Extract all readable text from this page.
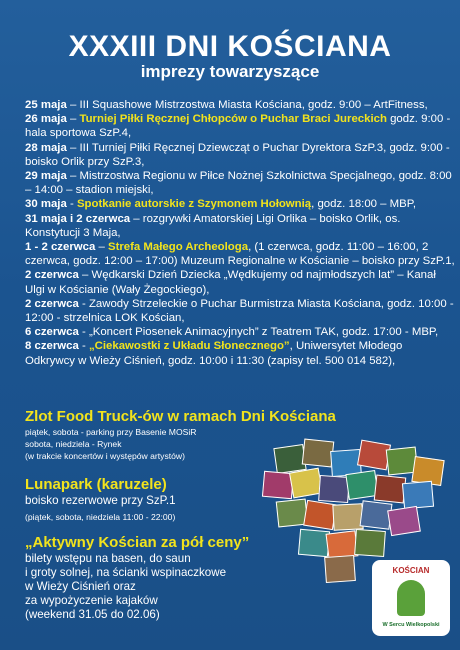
XXXIII DNI KOŚCIANA
imprezy towarzyszące

25 maja – III Squashowe Mistrzostwa Miasta Kościana, godz. 9:00 – ArtFitness,

26 maja – Turniej Piłki Ręcznej Chłopców o Puchar Braci Jureckich godz. 9:00 - hala sportowa SzP.4,

28 maja – III Turniej Piłki Ręcznej Dziewcząt o Puchar Dyrektora SzP.3, godz. 9:00 - boisko Orlik przy SzP.3,

29 maja – Mistrzostwa Regionu w Piłce Nożnej Szkolnictwa Specjalnego, godz. 8:00 – 14:00 – stadion miejski,

30 maja - Spotkanie autorskie z Szymonem Hołownią, godz. 18:00 – MBP,

31 maja i 2 czerwca – rozgrywki Amatorskiej Ligi Orlika – boisko Orlik, os. Konstytucji 3 Maja,

1 - 2 czerwca – Strefa Małego Archeologa, (1 czerwca, godz. 11:00 – 16:00, 2 czerwca, godz. 12:00 – 17:00) Muzeum Regionalne w Kościanie – boisko przy SzP.1,

2 czerwca – Wędkarski Dzień Dziecka „Wędkujemy od najmłodszych lat” – Kanał Ulgi w Kościanie (Wały Żegockiego),

2 czerwca - Zawody Strzeleckie o Puchar Burmistrza Miasta Kościana, godz. 10:00 - 12:00 - strzelnica LOK Kościan,

6 czerwca - „Koncert Piosenek Animacyjnych” z Teatrem TAK, godz. 17:00 - MBP,

8 czerwca - „Ciekawostki z Układu Słonecznego”, Uniwersytet Młodego Odkrywcy w Wieży Ciśnień, godz. 10:00 i 11:30 (zapisy tel. 500 014 582),

Zlot Food Truck-ów w ramach Dni Kościana
piątek, sobota - parking przy Basenie MOSiR
sobota, niedziela - Rynek
(w trakcie koncertów i występów artystów)
Lunapark (karuzele)
boisko rezerwowe przy SzP.1
(piątek, sobota, niedziela 11:00 - 22:00)
„Aktywny Kościan za pół ceny”
bilety wstępu na basen, do saun
i groty solnej, na ścianki wspinaczkowe
w Wieży Ciśnień oraz
za wypożyczenie kajaków
(weekend 31.05 do 02.06)
KOŚCIAN
W Sercu Wielkopolski
